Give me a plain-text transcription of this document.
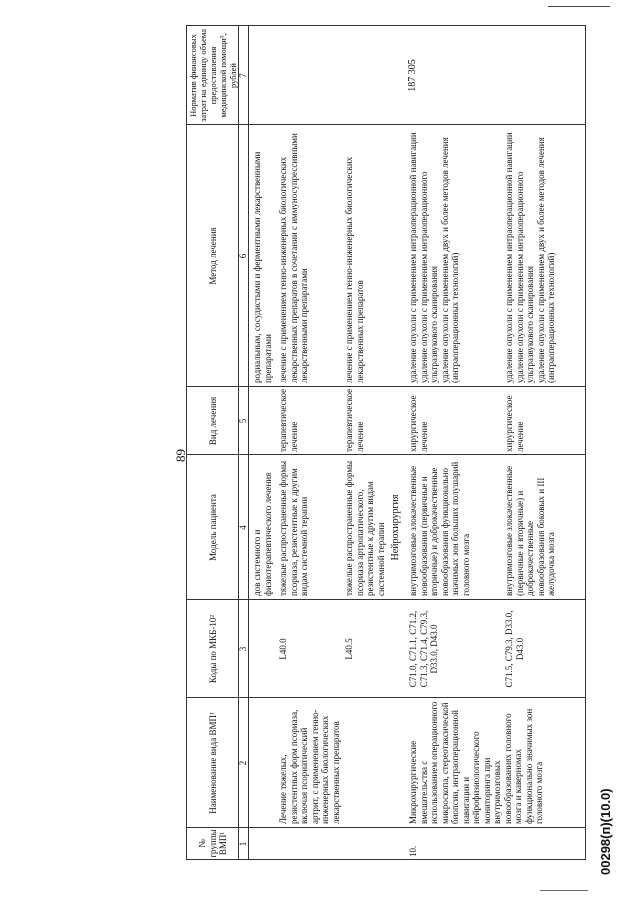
89
№ группы ВМП¹
Наименование вида ВМП¹
Коды по МКБ-10²
Модель пациента
Вид лечения
Метод лечения
Норматив финансовых затрат на единицу объема предоставления медицинской помощи³, рублей
1
2
3
4
5
6
7
дов системного и физиотерапевтического лечения
родиальным, сосудистыми и ферментными лекарственными препаратами
Лечение тяжелых, резистентных форм псориаза, включая псориатический артрит, с применением генно-инженерных биологических лекарственных препаратов
L40.0
тяжелые распространенные формы псориаза, резистентные к другим видам системной терапии
терапевтическое лечение
лечение с применением генно-инженерных биологических лекарственных препаратов в сочетании с иммуносупрессивными лекарственными препаратами
L40.5
тяжелые распространенные формы псориаза артропатического, резистентные к другим видам системной терапии
терапевтическое лечение
лечение с применением генно-инженерных биологических лекарственных препаратов
Нейрохирургия
10.
Микрохирургические вмешательства с использованием операционного микроскопа, стереотаксической биопсии, интраоперационной навигации и нейрофизиологического мониторинга при внутримозговых новообразованиях головного мозга и каверномах функционально значимых зон головного мозга
C71.0, C71.1, C71.2, C71.3, C71.4, C79.3, D33.0, D43.0
внутримозговые злокачественные новообразования (первичные и вторичные) и доброкачественные новообразования функционально значимых зон больших полушарий головного мозга
хирургическое лечение
удаление опухоли с применением интраоперационной навигации удаление опухоли с применением интраоперационного ультразвукового сканирования удаление опухоли с применением двух и более методов лечения (интраоперационных технологий)
187 305
C71.5, C79.3, D33.0, D43.0
внутримозговые злокачественные (первичные и вторичные) и доброкачественные новообразования боковых и III желудочка мозга
хирургическое лечение
удаление опухоли с применением интраоперационной навигации удаление опухоли с применением интраоперационного ультразвукового сканирования удаление опухоли с применением двух и более методов лечения (интраоперационных технологий)
00298(п)(10.0)
